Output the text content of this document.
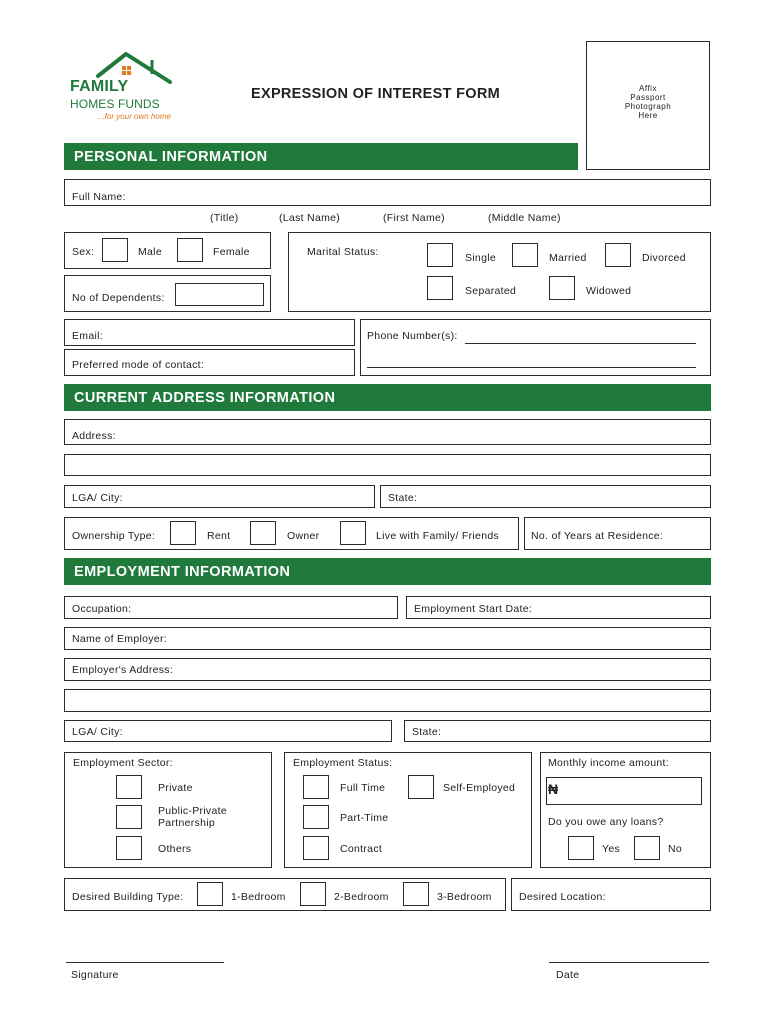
FAMILY
HOMES FUNDS
...for your own home
EXPRESSION OF INTEREST FORM	Affix
Passport
Photograph
Here
PERSONAL INFORMATION
Full Name:
(Title)	(Last Name)	(First Name)	(Middle Name)
Sex:	Male	Female
No of Dependents:
Marital Status:	Single	Married	Divorced
Separated	Widowed
Email:
Preferred mode of contact:
Phone Number(s):
CURRENT ADDRESS INFORMATION
Address:
LGA/ City:	State:
Ownership Type:	Rent	Owner	Live with Family/ Friends	No. of Years at Residence:
EMPLOYMENT INFORMATION
Occupation:	Employment Start Date:
Name of Employer:
Employer's Address:
LGA/ City:	State:
Employment Sector:
Private
Public-Private
Partnership
Others
Employment Status:
Full Time	Self-Employed
Part-Time
Contract
Monthly income amount:
₦
Do you owe any loans?
Yes	No
Desired Building Type:	1-Bedroom	2-Bedroom	3-Bedroom	Desired Location:
Signature	Date
